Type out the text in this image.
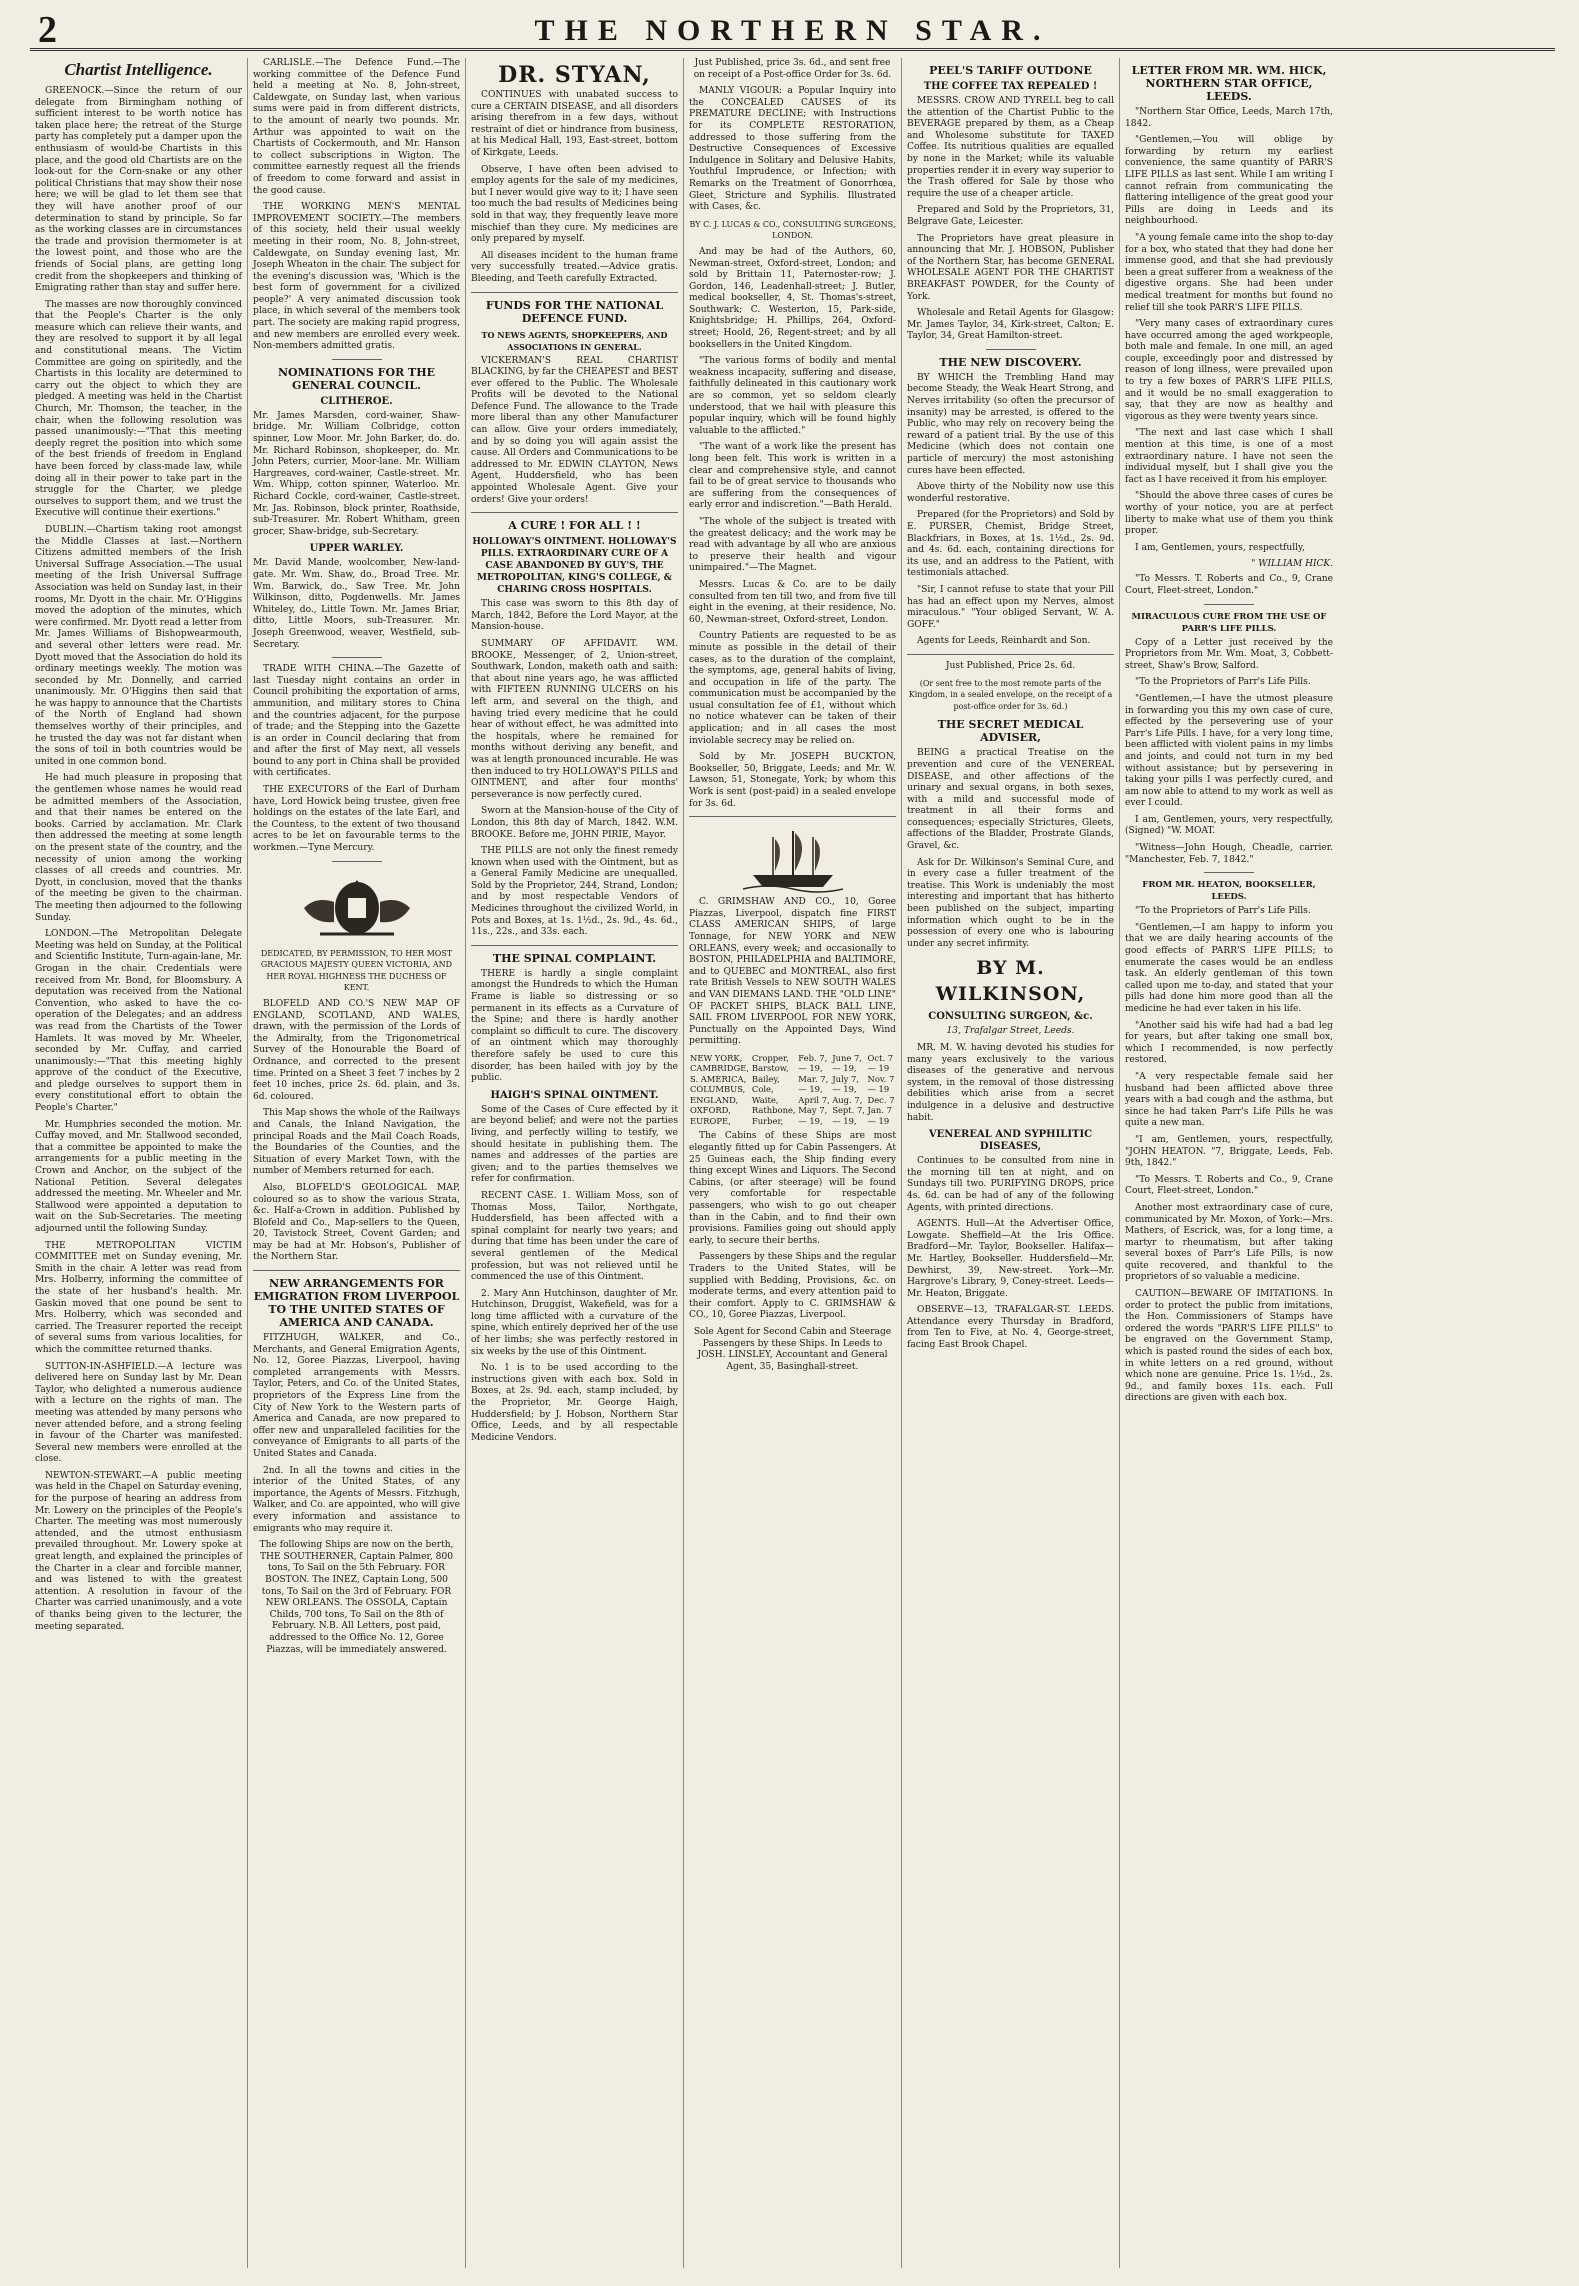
2	THE NORTHERN STAR.
Chartist Intelligence.

GREENOCK.—Since the return of our delegate from Birmingham nothing of sufficient interest to be worth notice has taken place here; the retreat of the Sturge party has completely put a damper upon the enthusiasm of would-be Chartists in this place, and the good old Chartists are on the look-out for the Corn-snake or any other political Christians that may show their nose here; we will be glad to let them see that they will have another proof of our determination to stand by principle. So far as the working classes are in circumstances the trade and provision thermometer is at the lowest point, and those who are the friends of Social plans, are getting long credit from the shopkeepers and thinking of Emigrating rather than stay and suffer here.

The masses are now thoroughly convinced that the People's Charter is the only measure which can relieve their wants, and they are resolved to support it by all legal and constitutional means. The Victim Committee are going on spiritedly, and the Chartists in this locality are determined to carry out the object to which they are pledged. A meeting was held in the Chartist Church, Mr. Thomson, the teacher, in the chair, when the following resolution was passed unanimously:—"That this meeting deeply regret the position into which some of the best friends of freedom in England have been forced by class-made law, while doing all in their power to take part in the struggle for the Charter, we pledge ourselves to support them, and we trust the Executive will continue their exertions."

DUBLIN.—Chartism taking root amongst the Middle Classes at last.—Northern Citizens admitted members of the Irish Universal Suffrage Association.—The usual meeting of the Irish Universal Suffrage Association was held on Sunday last, in their rooms, Mr. Dyott in the chair. Mr. O'Higgins moved the adoption of the minutes, which were confirmed. Mr. Dyott read a letter from Mr. James Williams of Bishopwearmouth, and several other letters were read. Mr. Dyott moved that the Association do hold its ordinary meetings weekly. The motion was seconded by Mr. Donnelly, and carried unanimously. Mr. O'Higgins then said that he was happy to announce that the Chartists of the North of England had shown themselves worthy of their principles, and he trusted the day was not far distant when the sons of toil in both countries would be united in one common bond.

He had much pleasure in proposing that the gentlemen whose names he would read be admitted members of the Association, and that their names be entered on the books. Carried by acclamation. Mr. Clark then addressed the meeting at some length on the present state of the country, and the necessity of union among the working classes of all creeds and countries. Mr. Dyott, in conclusion, moved that the thanks of the meeting be given to the chairman. The meeting then adjourned to the following Sunday.

LONDON.—The Metropolitan Delegate Meeting was held on Sunday, at the Political and Scientific Institute, Turn-again-lane, Mr. Grogan in the chair. Credentials were received from Mr. Bond, for Bloomsbury. A deputation was received from the National Convention, who asked to have the co-operation of the Delegates; and an address was read from the Chartists of the Tower Hamlets. It was moved by Mr. Wheeler, seconded by Mr. Cuffay, and carried unanimously:—"That this meeting highly approve of the conduct of the Executive, and pledge ourselves to support them in every constitutional effort to obtain the People's Charter."

Mr. Humphries seconded the motion. Mr. Cuffay moved, and Mr. Stallwood seconded, that a committee be appointed to make the arrangements for a public meeting in the Crown and Anchor, on the subject of the National Petition. Several delegates addressed the meeting. Mr. Wheeler and Mr. Stallwood were appointed a deputation to wait on the Sub-Secretaries. The meeting adjourned until the following Sunday.

THE METROPOLITAN VICTIM COMMITTEE met on Sunday evening, Mr. Smith in the chair. A letter was read from Mrs. Holberry, informing the committee of the state of her husband's health. Mr. Gaskin moved that one pound be sent to Mrs. Holberry, which was seconded and carried. The Treasurer reported the receipt of several sums from various localities, for which the committee returned thanks.

SUTTON-IN-ASHFIELD.—A lecture was delivered here on Sunday last by Mr. Dean Taylor, who delighted a numerous audience with a lecture on the rights of man. The meeting was attended by many persons who never attended before, and a strong feeling in favour of the Charter was manifested. Several new members were enrolled at the close.

NEWTON-STEWART.—A public meeting was held in the Chapel on Saturday evening, for the purpose of hearing an address from Mr. Lowery on the principles of the People's Charter. The meeting was most numerously attended, and the utmost enthusiasm prevailed throughout. Mr. Lowery spoke at great length, and explained the principles of the Charter in a clear and forcible manner, and was listened to with the greatest attention. A resolution in favour of the Charter was carried unanimously, and a vote of thanks being given to the lecturer, the meeting separated.

CARLISLE.—The Defence Fund.—The working committee of the Defence Fund held a meeting at No. 8, John-street, Caldewgate, on Sunday last, when various sums were paid in from different districts, to the amount of nearly two pounds. Mr. Arthur was appointed to wait on the Chartists of Cockermouth, and Mr. Hanson to collect subscriptions in Wigton. The committee earnestly request all the friends of freedom to come forward and assist in the good cause.

THE WORKING MEN'S MENTAL IMPROVEMENT SOCIETY.—The members of this society, held their usual weekly meeting in their room, No. 8, John-street, Caldewgate, on Sunday evening last, Mr. Joseph Wheaton in the chair. The subject for the evening's discussion was, 'Which is the best form of government for a civilized people?' A very animated discussion took place, in which several of the members took part. The society are making rapid progress, and new members are enrolled every week. Non-members admitted gratis.

NOMINATIONS FOR THE GENERAL COUNCIL.
CLITHEROE.

Mr. James Marsden, cord-wainer, Shaw-bridge. Mr. William Colbridge, cotton spinner, Low Moor. Mr. John Barker, do. do. Mr. Richard Robinson, shopkeeper, do. Mr. John Peters, currier, Moor-lane. Mr. William Hargreaves, cord-wainer, Castle-street. Mr. Wm. Whipp, cotton spinner, Waterloo. Mr. Richard Cockle, cord-wainer, Castle-street. Mr. Jas. Robinson, block printer, Roathside, sub-Treasurer. Mr. Robert Whitham, green grocer, Shaw-bridge, sub-Secretary.

UPPER WARLEY.

Mr. David Mande, woolcomber, New-land-gate. Mr. Wm. Shaw, do., Broad Tree. Mr. Wm. Barwick, do., Saw Tree. Mr. John Wilkinson, ditto, Pogdenwells. Mr. James Whiteley, do., Little Town. Mr. James Briar, ditto, Little Moors, sub-Treasurer. Mr. Joseph Greenwood, weaver, Westfield, sub-Secretary.

TRADE WITH CHINA.—The Gazette of last Tuesday night contains an order in Council prohibiting the exportation of arms, ammunition, and military stores to China and the countries adjacent, for the purpose of trade; and the Stepping into the Gazette is an order in Council declaring that from and after the first of May next, all vessels bound to any port in China shall be provided with certificates.

THE EXECUTORS of the Earl of Durham have, Lord Howick being trustee, given free holdings on the estates of the late Earl, and the Countess, to the extent of two thousand acres to be let on favourable terms to the workmen.—Tyne Mercury.

DEDICATED, BY PERMISSION, TO HER MOST GRACIOUS MAJESTY QUEEN VICTORIA, AND HER ROYAL HIGHNESS THE DUCHESS OF KENT.

BLOFELD AND CO.'S NEW MAP OF ENGLAND, SCOTLAND, AND WALES, drawn, with the permission of the Lords of the Admiralty, from the Trigonometrical Survey of the Honourable the Board of Ordnance, and corrected to the present time. Printed on a Sheet 3 feet 7 inches by 2 feet 10 inches, price 2s. 6d. plain, and 3s. 6d. coloured.

This Map shows the whole of the Railways and Canals, the Inland Navigation, the principal Roads and the Mail Coach Roads, the Boundaries of the Counties, and the Situation of every Market Town, with the number of Members returned for each.

Also, BLOFELD'S GEOLOGICAL MAP, coloured so as to show the various Strata, &c. Half-a-Crown in addition. Published by Blofeld and Co., Map-sellers to the Queen, 20, Tavistock Street, Covent Garden; and may be had at Mr. Hobson's, Publisher of the Northern Star.

NEW ARRANGEMENTS FOR EMIGRATION FROM LIVERPOOL TO THE UNITED STATES OF AMERICA AND CANADA.

FITZHUGH, WALKER, and Co., Merchants, and General Emigration Agents, No. 12, Goree Piazzas, Liverpool, having completed arrangements with Messrs. Taylor, Peters, and Co. of the United States, proprietors of the Express Line from the City of New York to the Western parts of America and Canada, are now prepared to offer new and unparalleled facilities for the conveyance of Emigrants to all parts of the United States and Canada.

2nd. In all the towns and cities in the interior of the United States, of any importance, the Agents of Messrs. Fitzhugh, Walker, and Co. are appointed, who will give every information and assistance to emigrants who may require it.

The following Ships are now on the berth, THE SOUTHERNER, Captain Palmer, 800 tons, To Sail on the 5th February. FOR BOSTON. The INEZ, Captain Long, 500 tons, To Sail on the 3rd of February. FOR NEW ORLEANS. The OSSOLA, Captain Childs, 700 tons, To Sail on the 8th of February. N.B. All Letters, post paid, addressed to the Office No. 12, Goree Piazzas, will be immediately answered.

DR. STYAN,

CONTINUES with unabated success to cure a CERTAIN DISEASE, and all disorders arising therefrom in a few days, without restraint of diet or hindrance from business, at his Medical Hall, 193, East-street, bottom of Kirkgate, Leeds.

Observe, I have often been advised to employ agents for the sale of my medicines, but I never would give way to it; I have seen too much the bad results of Medicines being sold in that way, they frequently leave more mischief than they cure. My medicines are only prepared by myself.

All diseases incident to the human frame very successfully treated.—Advice gratis. Bleeding, and Teeth carefully Extracted.

FUNDS FOR THE NATIONAL DEFENCE FUND.
TO NEWS AGENTS, SHOPKEEPERS, AND ASSOCIATIONS IN GENERAL.

VICKERMAN'S REAL CHARTIST BLACKING, by far the CHEAPEST and BEST ever offered to the Public. The Wholesale Profits will be devoted to the National Defence Fund. The allowance to the Trade more liberal than any other Manufacturer can allow. Give your orders immediately, and by so doing you will again assist the cause. All Orders and Communications to be addressed to Mr. EDWIN CLAYTON, News Agent, Huddersfield, who has been appointed Wholesale Agent. Give your orders! Give your orders!

A CURE ! FOR ALL ! !
HOLLOWAY'S OINTMENT. HOLLOWAY'S PILLS. EXTRAORDINARY CURE OF A CASE ABANDONED BY GUY'S, THE METROPOLITAN, KING'S COLLEGE, & CHARING CROSS HOSPITALS.

This case was sworn to this 8th day of March, 1842, Before the Lord Mayor, at the Mansion-house.

SUMMARY OF AFFIDAVIT. WM. BROOKE, Messenger, of 2, Union-street, Southwark, London, maketh oath and saith: that about nine years ago, he was afflicted with FIFTEEN RUNNING ULCERS on his left arm, and several on the thigh, and having tried every medicine that he could hear of without effect, he was admitted into the hospitals, where he remained for months without deriving any benefit, and was at length pronounced incurable. He was then induced to try HOLLOWAY'S PILLS and OINTMENT, and after four months' perseverance is now perfectly cured.

Sworn at the Mansion-house of the City of London, this 8th day of March, 1842. W.M. BROOKE. Before me, JOHN PIRIE, Mayor.

THE PILLS are not only the finest remedy known when used with the Ointment, but as a General Family Medicine are unequalled. Sold by the Proprietor, 244, Strand, London; and by most respectable Vendors of Medicines throughout the civilized World, in Pots and Boxes, at 1s. 1½d., 2s. 9d., 4s. 6d., 11s., 22s., and 33s. each.

THE SPINAL COMPLAINT.

THERE is hardly a single complaint amongst the Hundreds to which the Human Frame is liable so distressing or so permanent in its effects as a Curvature of the Spine; and there is hardly another complaint so difficult to cure. The discovery of an ointment which may thoroughly therefore safely be used to cure this disorder, has been hailed with joy by the public.

HAIGH'S SPINAL OINTMENT.

Some of the Cases of Cure effected by it are beyond belief; and were not the parties living, and perfectly willing to testify, we should hesitate in publishing them. The names and addresses of the parties are given; and to the parties themselves we refer for confirmation.

RECENT CASE. 1. William Moss, son of Thomas Moss, Tailor, Northgate, Huddersfield, has been affected with a spinal complaint for nearly two years; and during that time has been under the care of several gentlemen of the Medical profession, but was not relieved until he commenced the use of this Ointment.

2. Mary Ann Hutchinson, daughter of Mr. Hutchinson, Druggist, Wakefield, was for a long time afflicted with a curvature of the spine, which entirely deprived her of the use of her limbs; she was perfectly restored in six weeks by the use of this Ointment.

No. 1 is to be used according to the instructions given with each box. Sold in Boxes, at 2s. 9d. each, stamp included, by the Proprietor, Mr. George Haigh, Huddersfield; by J. Hobson, Northern Star Office, Leeds, and by all respectable Medicine Vendors.

Just Published, price 3s. 6d., and sent free on receipt of a Post-office Order for 3s. 6d.

MANLY VIGOUR: a Popular Inquiry into the CONCEALED CAUSES of its PREMATURE DECLINE; with Instructions for its COMPLETE RESTORATION, addressed to those suffering from the Destructive Consequences of Excessive Indulgence in Solitary and Delusive Habits, Youthful Imprudence, or Infection; with Remarks on the Treatment of Gonorrhœa, Gleet, Stricture and Syphilis. Illustrated with Cases, &c.

BY C. J. LUCAS & CO., CONSULTING SURGEONS, LONDON.

And may be had of the Authors, 60, Newman-street, Oxford-street, London; and sold by Brittain 11, Paternoster-row; J. Gordon, 146, Leadenhall-street; J. Butler, medical bookseller, 4, St. Thomas's-street, Southwark; C. Westerton, 15, Park-side, Knightsbridge; H. Phillips, 264, Oxford-street; Hoold, 26, Regent-street; and by all booksellers in the United Kingdom.

"The various forms of bodily and mental weakness incapacity, suffering and disease, faithfully delineated in this cautionary work are so common, yet so seldom clearly understood, that we hail with pleasure this popular inquiry, which will be found highly valuable to the afflicted."

"The want of a work like the present has long been felt. This work is written in a clear and comprehensive style, and cannot fail to be of great service to thousands who are suffering from the consequences of early error and indiscretion."—Bath Herald.

"The whole of the subject is treated with the greatest delicacy; and the work may be read with advantage by all who are anxious to preserve their health and vigour unimpaired."—The Magnet.

Messrs. Lucas & Co. are to be daily consulted from ten till two, and from five till eight in the evening, at their residence, No. 60, Newman-street, Oxford-street, London.

Country Patients are requested to be as minute as possible in the detail of their cases, as to the duration of the complaint, the symptoms, age, general habits of living, and occupation in life of the party. The communication must be accompanied by the usual consultation fee of £1, without which no notice whatever can be taken of their application; and in all cases the most inviolable secrecy may be relied on.

Sold by Mr. JOSEPH BUCKTON, Bookseller, 50, Briggate, Leeds; and Mr. W. Lawson, 51, Stonegate, York; by whom this Work is sent (post-paid) in a sealed envelope for 3s. 6d.

C. GRIMSHAW AND CO., 10, Goree Piazzas, Liverpool, dispatch fine FIRST CLASS AMERICAN SHIPS, of large Tonnage, for NEW YORK and NEW ORLEANS, every week; and occasionally to BOSTON, PHILADELPHIA and BALTIMORE, and to QUEBEC and MONTREAL, also first rate British Vessels to NEW SOUTH WALES and VAN DIEMANS LAND. THE "OLD LINE" OF PACKET SHIPS, BLACK BALL LINE, SAIL FROM LIVERPOOL FOR NEW YORK, Punctually on the Appointed Days, Wind permitting.

NEW YORK,	Cropper,	Feb. 7,	June 7,	Oct. 7
CAMBRIDGE,	Barstow,	— 19,	— 19,	— 19
S. AMERICA,	Bailey,	Mar. 7,	July 7,	Nov. 7
COLUMBUS,	Cole,	— 19,	— 19,	— 19
ENGLAND,	Waite,	April 7,	Aug. 7,	Dec. 7
OXFORD,	Rathbone,	May 7,	Sept. 7,	Jan. 7
EUROPE,	Furber,	— 19,	— 19,	— 19

The Cabins of these Ships are most elegantly fitted up for Cabin Passengers. At 25 Guineas each, the Ship finding every thing except Wines and Liquors. The Second Cabins, (or after steerage) will be found very comfortable for respectable passengers, who wish to go out cheaper than in the Cabin, and to find their own provisions. Families going out should apply early, to secure their berths.

Passengers by these Ships and the regular Traders to the United States, will be supplied with Bedding, Provisions, &c. on moderate terms, and every attention paid to their comfort. Apply to C. GRIMSHAW & CO., 10, Goree Piazzas, Liverpool.

Sole Agent for Second Cabin and Steerage Passengers by these Ships. In Leeds to JOSH. LINSLEY, Accountant and General Agent, 35, Basinghall-street.

PEEL'S TARIFF OUTDONE
THE COFFEE TAX REPEALED !

MESSRS. CROW AND TYRELL beg to call the attention of the Chartist Public to the BEVERAGE prepared by them, as a Cheap and Wholesome substitute for TAXED Coffee. Its nutritious qualities are equalled by none in the Market; while its valuable properties render it in every way superior to the Trash offered for Sale by those who require the use of a cheaper article.

Prepared and Sold by the Proprietors, 31, Belgrave Gate, Leicester.

The Proprietors have great pleasure in announcing that Mr. J. HOBSON, Publisher of the Northern Star, has become GENERAL WHOLESALE AGENT FOR THE CHARTIST BREAKFAST POWDER, for the County of York.

Wholesale and Retail Agents for Glasgow: Mr. James Taylor, 34, Kirk-street, Calton; E. Taylor, 34, Great Hamilton-street.

THE NEW DISCOVERY.

BY WHICH the Trembling Hand may become Steady, the Weak Heart Strong, and Nerves irritability (so often the precursor of insanity) may be arrested, is offered to the Public, who may rely on recovery being the reward of a patient trial. By the use of this Medicine (which does not contain one particle of mercury) the most astonishing cures have been effected.

Above thirty of the Nobility now use this wonderful restorative.

Prepared (for the Proprietors) and Sold by E. PURSER, Chemist, Bridge Street, Blackfriars, in Boxes, at 1s. 1½d., 2s. 9d. and 4s. 6d. each, containing directions for its use, and an address to the Patient, with testimonials attached.

"Sir, I cannot refuse to state that your Pill has had an effect upon my Nerves, almost miraculous." "Your obliged Servant, W. A. GOFF."

Agents for Leeds, Reinhardt and Son.

Just Published, Price 2s. 6d.

(Or sent free to the most remote parts of the Kingdom, in a sealed envelope, on the receipt of a post-office order for 3s. 6d.)

THE SECRET MEDICAL ADVISER,

BEING a practical Treatise on the prevention and cure of the VENEREAL DISEASE, and other affections of the urinary and sexual organs, in both sexes, with a mild and successful mode of treatment in all their forms and consequences; especially Strictures, Gleets, affections of the Bladder, Prostrate Glands, Gravel, &c.

Ask for Dr. Wilkinson's Seminal Cure, and in every case a fuller treatment of the treatise. This Work is undeniably the most interesting and important that has hitherto been published on the subject, imparting information which ought to be in the possession of every one who is labouring under any secret infirmity.

BY M. WILKINSON,
CONSULTING SURGEON, &c.

13, Trafalgar Street, Leeds.

MR. M. W. having devoted his studies for many years exclusively to the various diseases of the generative and nervous system, in the removal of those distressing debilities which arise from a secret indulgence in a delusive and destructive habit.

VENEREAL AND SYPHILITIC DISEASES,

Continues to be consulted from nine in the morning till ten at night, and on Sundays till two. PURIFYING DROPS, price 4s. 6d. can be had of any of the following Agents, with printed directions.

AGENTS. Hull—At the Advertiser Office, Lowgate. Sheffield—At the Iris Office. Bradford—Mr. Taylor, Bookseller. Halifax—Mr. Hartley, Bookseller. Huddersfield—Mr. Dewhirst, 39, New-street. York—Mr. Hargrove's Library, 9, Coney-street. Leeds—Mr. Heaton, Briggate.

OBSERVE—13, TRAFALGAR-ST. LEEDS. Attendance every Thursday in Bradford, from Ten to Five, at No. 4, George-street, facing East Brook Chapel.

LETTER FROM MR. WM. HICK, NORTHERN STAR OFFICE, LEEDS.

"Northern Star Office, Leeds, March 17th, 1842.

"Gentlemen,—You will oblige by forwarding by return my earliest convenience, the same quantity of PARR'S LIFE PILLS as last sent. While I am writing I cannot refrain from communicating the flattering intelligence of the great good your Pills are doing in Leeds and its neighbourhood.

"A young female came into the shop to-day for a box, who stated that they had done her immense good, and that she had previously been a great sufferer from a weakness of the digestive organs. She had been under medical treatment for months but found no relief till she took PARR'S LIFE PILLS.

"Very many cases of extraordinary cures have occurred among the aged workpeople, both male and female. In one mill, an aged couple, exceedingly poor and distressed by reason of long illness, were prevailed upon to try a few boxes of PARR'S LIFE PILLS, and it would be no small exaggeration to say, that they are now as healthy and vigorous as they were twenty years since.

"The next and last case which I shall mention at this time, is one of a most extraordinary nature. I have not seen the individual myself, but I shall give you the fact as I have received it from his employer.

"Should the above three cases of cures be worthy of your notice, you are at perfect liberty to make what use of them you think proper.

I am, Gentlemen, yours, respectfully,

" WILLIAM HICK.

"To Messrs. T. Roberts and Co., 9, Crane Court, Fleet-street, London."

MIRACULOUS CURE FROM THE USE OF PARR'S LIFE PILLS.

Copy of a Letter just received by the Proprietors from Mr. Wm. Moat, 3, Cobbett-street, Shaw's Brow, Salford.

"To the Proprietors of Parr's Life Pills.

"Gentlemen,—I have the utmost pleasure in forwarding you this my own case of cure, effected by the persevering use of your Parr's Life Pills. I have, for a very long time, been afflicted with violent pains in my limbs and joints, and could not turn in my bed without assistance; but by persevering in taking your pills I was perfectly cured, and am now able to attend to my work as well as ever I could.

I am, Gentlemen, yours, very respectfully, (Signed) "W. MOAT.

"Witness—John Hough, Cheadle, carrier. "Manchester, Feb. 7, 1842."

FROM MR. HEATON, BOOKSELLER, LEEDS.

"To the Proprietors of Parr's Life Pills.

"Gentlemen,—I am happy to inform you that we are daily hearing accounts of the good effects of PARR'S LIFE PILLS; to enumerate the cases would be an endless task. An elderly gentleman of this town called upon me to-day, and stated that your pills had done him more good than all the medicine he had ever taken in his life.

"Another said his wife had had a bad leg for years, but after taking one small box, which I recommended, is now perfectly restored.

"A very respectable female said her husband had been afflicted above three years with a bad cough and the asthma, but since he had taken Parr's Life Pills he was quite a new man.

"I am, Gentlemen, yours, respectfully, "JOHN HEATON. "7, Briggate, Leeds, Feb. 9th, 1842."

"To Messrs. T. Roberts and Co., 9, Crane Court, Fleet-street, London."

Another most extraordinary case of cure, communicated by Mr. Moxon, of York:—Mrs. Mathers, of Escrick, was, for a long time, a martyr to rheumatism, but after taking several boxes of Parr's Life Pills, is now quite recovered, and thankful to the proprietors of so valuable a medicine.

CAUTION—BEWARE OF IMITATIONS. In order to protect the public from imitations, the Hon. Commissioners of Stamps have ordered the words "PARR'S LIFE PILLS" to be engraved on the Government Stamp, which is pasted round the sides of each box, in white letters on a red ground, without which none are genuine. Price 1s. 1½d., 2s. 9d., and family boxes 11s. each. Full directions are given with each box.
